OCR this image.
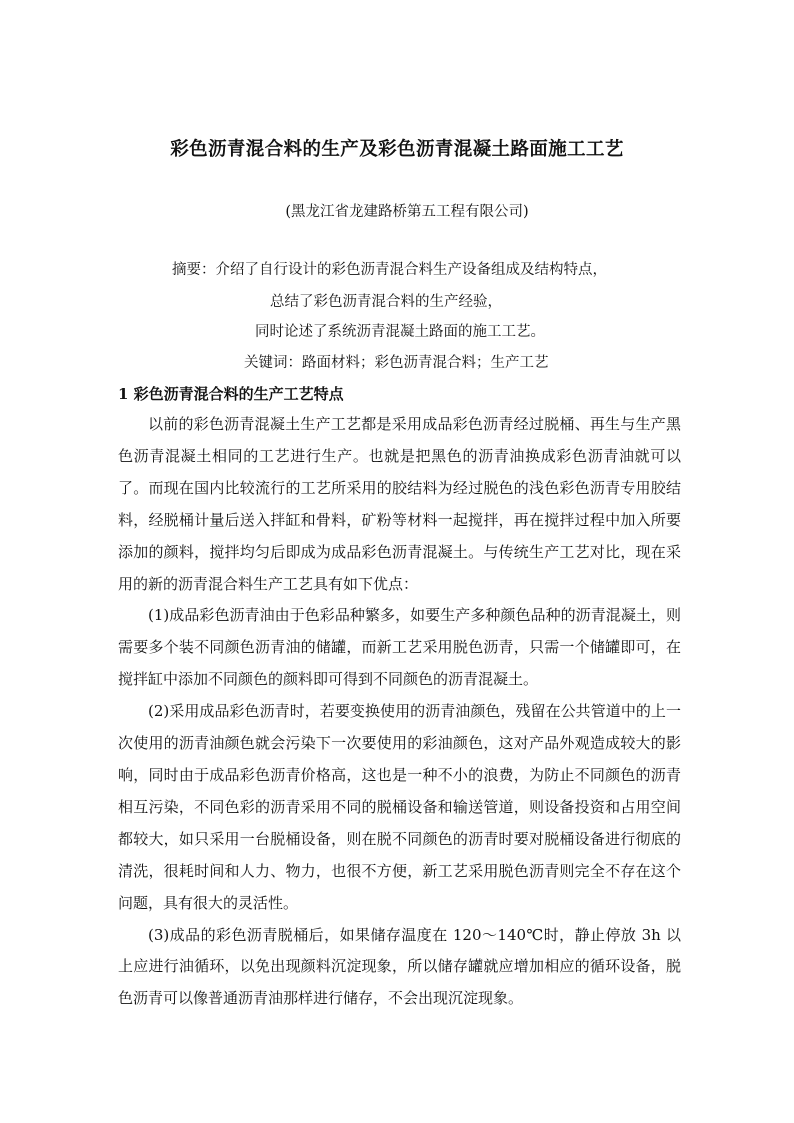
彩色沥青混合料的生产及彩色沥青混凝土路面施工工艺
(黑龙江省龙建路桥第五工程有限公司)
摘要：介绍了自行设计的彩色沥青混合料生产设备组成及结构特点，
总结了彩色沥青混合料的生产经验，
同时论述了系统沥青混凝土路面的施工工艺。
关键词：路面材料；彩色沥青混合料；生产工艺
1 彩色沥青混合料的生产工艺特点

以前的彩色沥青混凝土生产工艺都是采用成品彩色沥青经过脱桶、再生与生产黑色沥青混凝土相同的工艺进行生产。也就是把黑色的沥青油换成彩色沥青油就可以了。而现在国内比较流行的工艺所采用的胶结料为经过脱色的浅色彩色沥青专用胶结料，经脱桶计量后送入拌缸和骨料，矿粉等材料一起搅拌，再在搅拌过程中加入所要添加的颜料，搅拌均匀后即成为成品彩色沥青混凝土。与传统生产工艺对比，现在采用的新的沥青混合料生产工艺具有如下优点：

(1)成品彩色沥青油由于色彩品种繁多，如要生产多种颜色品种的沥青混凝土，则需要多个装不同颜色沥青油的储罐，而新工艺采用脱色沥青，只需一个储罐即可，在搅拌缸中添加不同颜色的颜料即可得到不同颜色的沥青混凝土。

(2)采用成品彩色沥青时，若要变换使用的沥青油颜色，残留在公共管道中的上一次使用的沥青油颜色就会污染下一次要使用的彩油颜色，这对产品外观造成较大的影响，同时由于成品彩色沥青价格高，这也是一种不小的浪费，为防止不同颜色的沥青相互污染，不同色彩的沥青采用不同的脱桶设备和输送管道，则设备投资和占用空间都较大，如只采用一台脱桶设备，则在脱不同颜色的沥青时要对脱桶设备进行彻底的清洗，很耗时间和人力、物力，也很不方便，新工艺采用脱色沥青则完全不存在这个问题，具有很大的灵活性。

(3)成品的彩色沥青脱桶后，如果储存温度在 120～140℃时，静止停放 3h 以上应进行油循环，以免出现颜料沉淀现象，所以储存罐就应增加相应的循环设备，脱色沥青可以像普通沥青油那样进行储存，不会出现沉淀现象。
